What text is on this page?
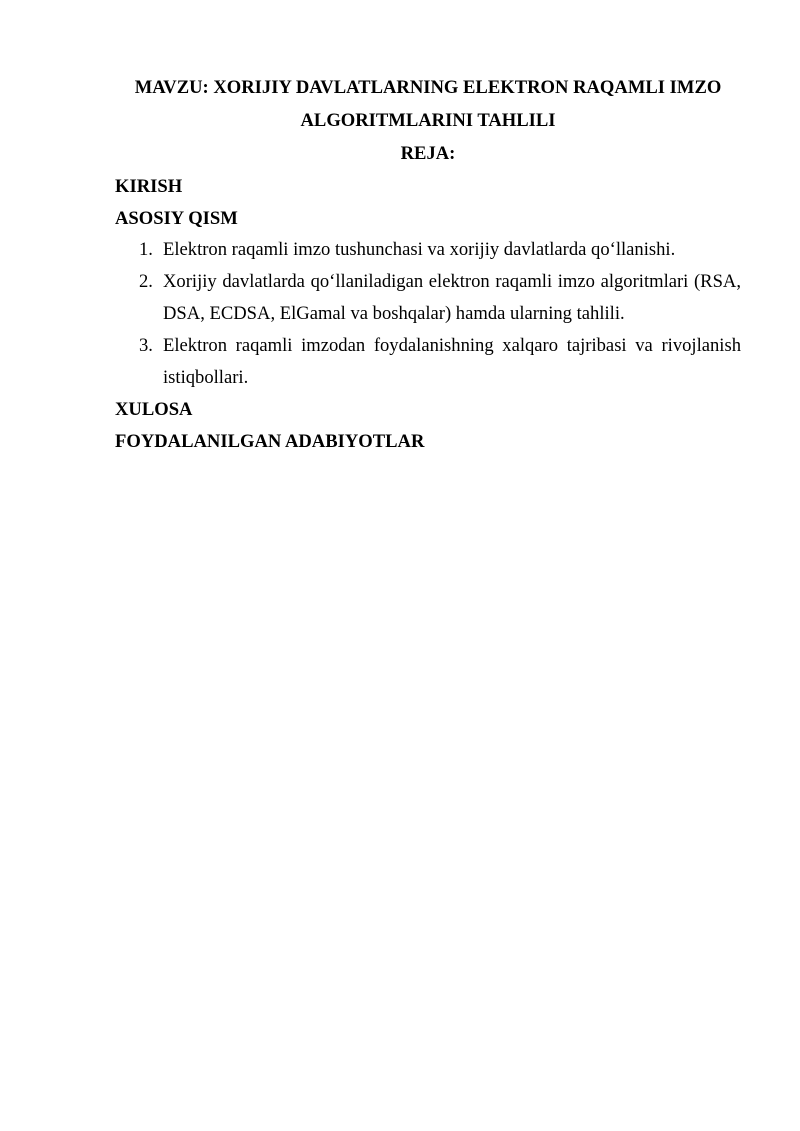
MAVZU: XORIJIY DAVLATLARNING ELEKTRON RAQAMLI IMZO
ALGORITMLARINI TAHLILI
REJA:
KIRISH
ASOSIY QISM
1. Elektron raqamli imzo tushunchasi va xorijiy davlatlarda qo‘llanishi.
2. Xorijiy davlatlarda qo‘llaniladigan elektron raqamli imzo algoritmlari (RSA,
DSA, ECDSA, ElGamal va boshqalar) hamda ularning tahlili.
3. Elektron raqamli imzodan foydalanishning xalqaro tajribasi va rivojlanish
istiqbollari.
XULOSA
FOYDALANILGAN ADABIYOTLAR
